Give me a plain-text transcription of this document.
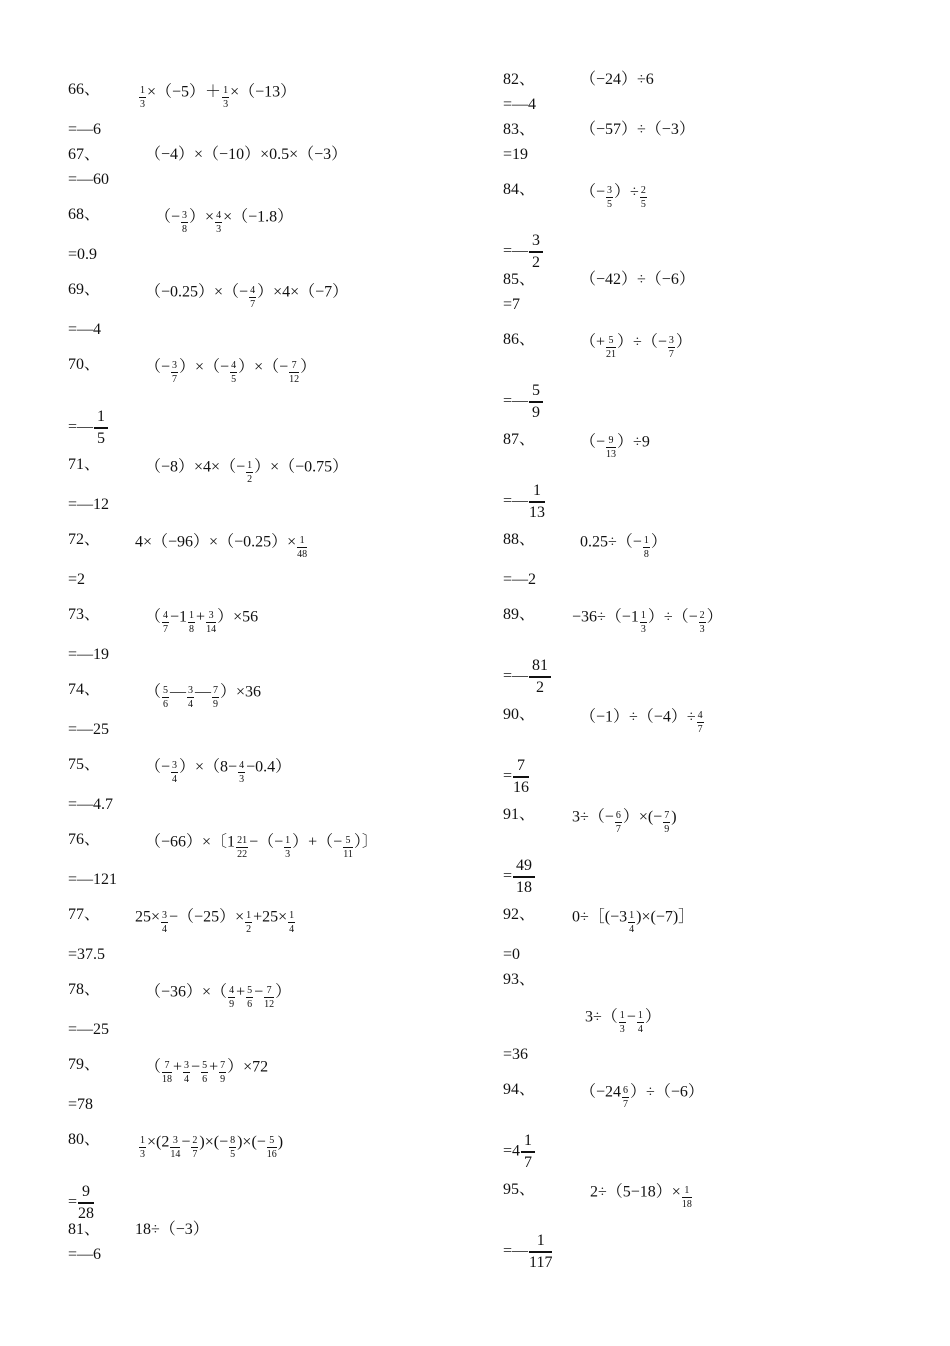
66、	$\frac{1}{3} \times(-5)+ \frac{1}{3} \times(-13)$
=—6
67、	（−4）×（−10）×0.5×（−3）
=—60
68、	（− $\frac{3}{8}$ ）× $\frac{4}{3} \times(-1.8)$
=0.9
69、	$(-0.25)\times(- \frac{4}{7} )\times 4\times(-7)$
=—4
70、	（− $\frac{3}{7}$ ）×（− $\frac{4}{5}$ ）×（− $\frac{7}{12}$ ）
=— $\frac{1}{5}$
71、	$(-8)\times 4\times(- \frac{1}{2} )\times(-0.75)$
=—12
72、 $4\times(-96)\times(-0.25)\times \frac{1}{48}$
=2
73、	（ $\frac{4}{7} -1 \frac{1}{8} + \frac{3}{14} )\times 56$
=—19
74、	（ $\frac{5}{6}$ — $\frac{3}{4}$ — $\frac{7}{9} )\times 36$
=—25
75、	（− $\frac{3}{4} )\times(8- \frac{4}{3} -0.4)$
=—4.7
76、	（−66）×〔$1 \frac{21}{22}$ −（− $\frac{1}{3}$ ）+（− $\frac{5}{11}$ ）〕
=—121
77、 $25\times \frac{3}{4} -(-25)\times \frac{1}{2} +25\times \frac{1}{4}$
=37.5
78、	$(-36)\times( \frac{4}{9} + \frac{5}{6} - \frac{7}{12}$ ）
=—25
79、	（ $\frac{7}{18} + \frac{3}{4} - \frac{5}{6} + \frac{7}{9} )\times 72$
=78
80、	$\frac{1}{3} \times(2 \frac{3}{14} - \frac{2}{7}$ )×(− $\frac{8}{5}$ )×(− $\frac{5}{16}$ )
= $\frac{9}{28}$
81、 18÷（−3）
=—6
82、	（−24）÷6
=—4
83、	（−57）÷（−3）
=19
84、	（− $\frac{3}{5}$ ）÷ $\frac{2}{5}$
=— $\frac{3}{2}$
85、	（−42）÷（−6）
=7
86、	（+ $\frac{5}{21}$ ）÷（− $\frac{3}{7}$ ）
=— $\frac{5}{9}$
87、	（− $\frac{9}{13} )\div 9$
=— $\frac{1}{13}$
88、	$0.25\div(- \frac{1}{8}$ ）
=—2
89、 $-36\div(-1 \frac{1}{3}$ ）÷（− $\frac{2}{3}$ ）
=— $\frac{81}{2}$
90、	$(-1)\div(-4)\div \frac{4}{7}$
= $\frac{7}{16}$
91、 $3\div(- \frac{6}{7}$ ）×(− $\frac{7}{9}$ )
= $\frac{49}{18}$
92、 0÷［(−3 $\frac{1}{4}$ )×(−7)］
=0
93、
$3\div( \frac{1}{3} - \frac{1}{4}$ ）
=36
94、	$(-24 \frac{6}{7} )\div(-6)$
$=4 \frac{1}{7}$
95、	$2\div(5-18)\times \frac{1}{18}$
=— $\frac{1}{117}$
